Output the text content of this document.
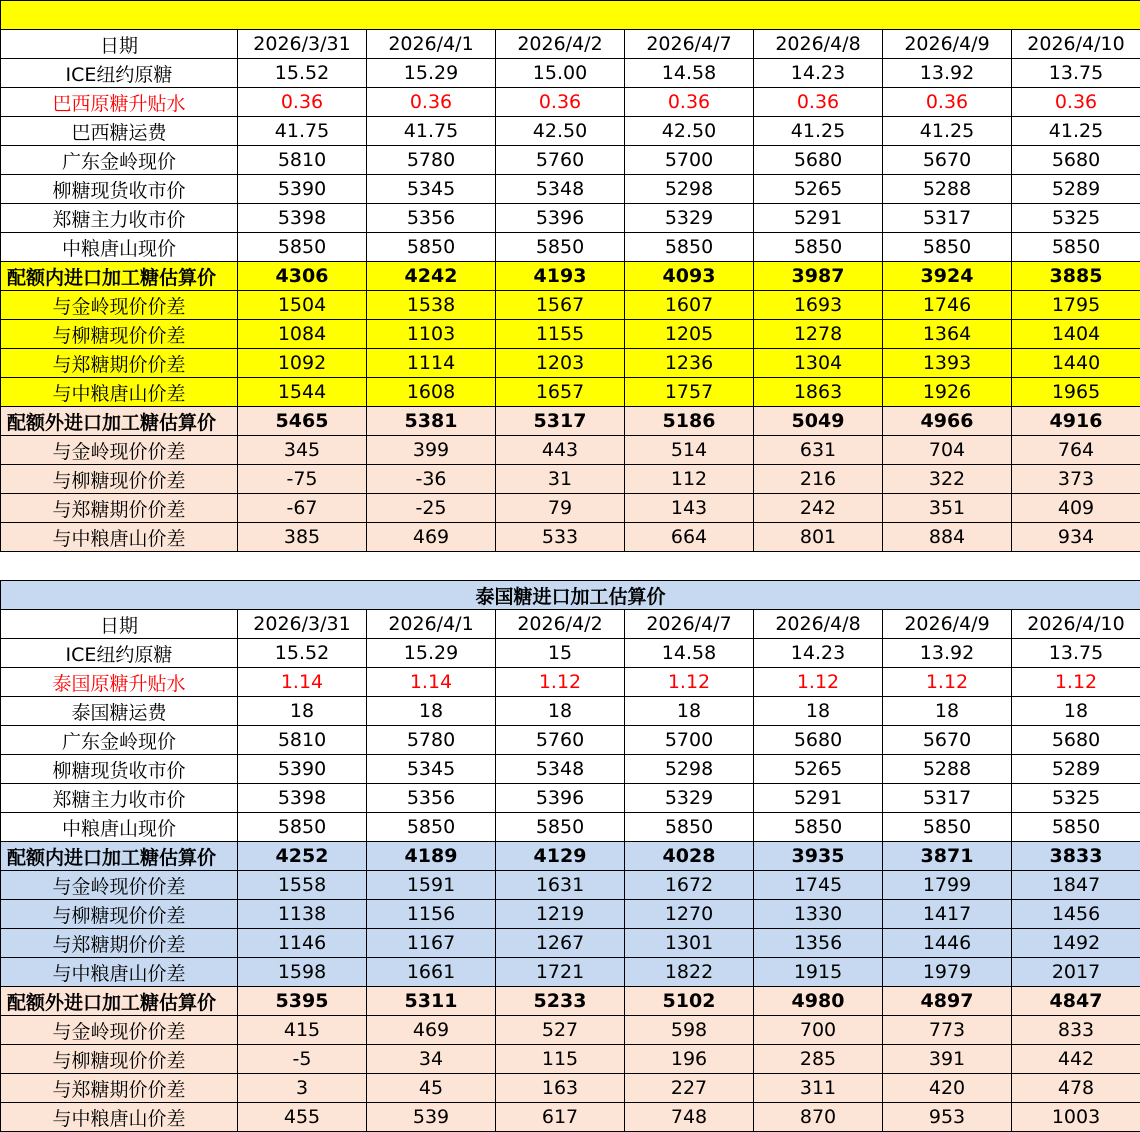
日期	2026/3/31	2026/4/1	2026/4/2	2026/4/7	2026/4/8	2026/4/9	2026/4/10
ICE纽约原糖	15.52	15.29	15.00	14.58	14.23	13.92	13.75
巴西原糖升贴水	0.36	0.36	0.36	0.36	0.36	0.36	0.36
巴西糖运费	41.75	41.75	42.50	42.50	41.25	41.25	41.25
广东金岭现价	5810	5780	5760	5700	5680	5670	5680
柳糖现货收市价	5390	5345	5348	5298	5265	5288	5289
郑糖主力收市价	5398	5356	5396	5329	5291	5317	5325
中粮唐山现价	5850	5850	5850	5850	5850	5850	5850
配额内进口加工糖估算价	4306	4242	4193	4093	3987	3924	3885
与金岭现价价差	1504	1538	1567	1607	1693	1746	1795
与柳糖现价价差	1084	1103	1155	1205	1278	1364	1404
与郑糖期价价差	1092	1114	1203	1236	1304	1393	1440
与中粮唐山价差	1544	1608	1657	1757	1863	1926	1965
配额外进口加工糖估算价	5465	5381	5317	5186	5049	4966	4916
与金岭现价价差	345	399	443	514	631	704	764
与柳糖现价价差	-75	-36	31	112	216	322	373
与郑糖期价价差	-67	-25	79	143	242	351	409
与中粮唐山价差	385	469	533	664	801	884	934

泰国糖进口加工估算价							
日期	2026/3/31	2026/4/1	2026/4/2	2026/4/7	2026/4/8	2026/4/9	2026/4/10
ICE纽约原糖	15.52	15.29	15	14.58	14.23	13.92	13.75
泰国原糖升贴水	1.14	1.14	1.12	1.12	1.12	1.12	1.12
泰国糖运费	18	18	18	18	18	18	18
广东金岭现价	5810	5780	5760	5700	5680	5670	5680
柳糖现货收市价	5390	5345	5348	5298	5265	5288	5289
郑糖主力收市价	5398	5356	5396	5329	5291	5317	5325
中粮唐山现价	5850	5850	5850	5850	5850	5850	5850
配额内进口加工糖估算价	4252	4189	4129	4028	3935	3871	3833
与金岭现价价差	1558	1591	1631	1672	1745	1799	1847
与柳糖现价价差	1138	1156	1219	1270	1330	1417	1456
与郑糖期价价差	1146	1167	1267	1301	1356	1446	1492
与中粮唐山价差	1598	1661	1721	1822	1915	1979	2017
配额外进口加工糖估算价	5395	5311	5233	5102	4980	4897	4847
与金岭现价价差	415	469	527	598	700	773	833
与柳糖现价价差	-5	34	115	196	285	391	442
与郑糖期价价差	3	45	163	227	311	420	478
与中粮唐山价差	455	539	617	748	870	953	1003
